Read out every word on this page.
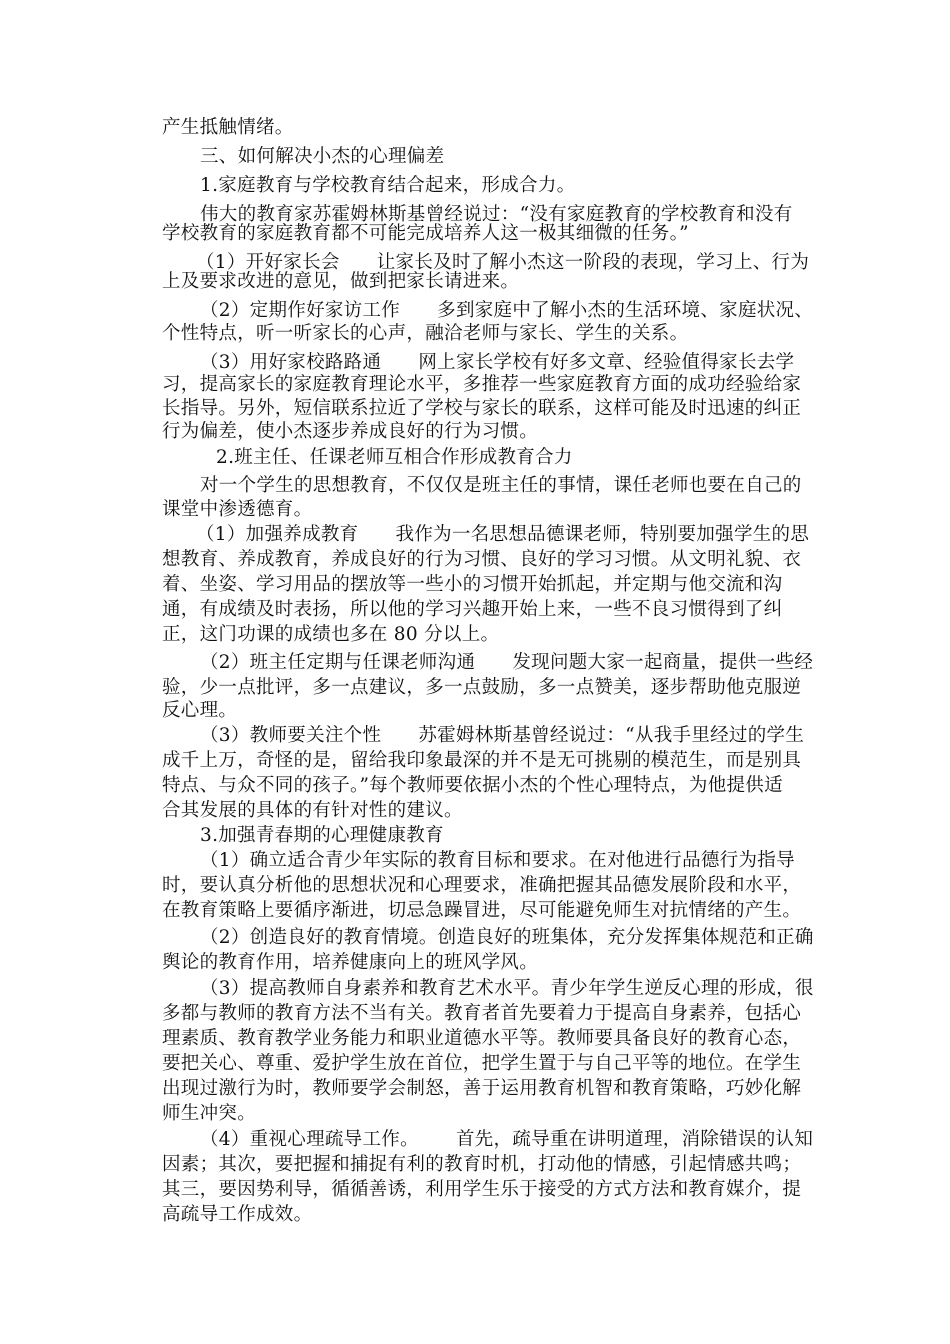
产生抵触情绪。
三、如何解决小杰的心理偏差
1.家庭教育与学校教育结合起来，形成合力。
伟大的教育家苏霍姆林斯基曾经说过：“没有家庭教育的学校教育和没有
学校教育的家庭教育都不可能完成培养人这一极其细微的任务。”
（1）开好家长会      让家长及时了解小杰这一阶段的表现，学习上、行为
上及要求改进的意见，做到把家长请进来。
（2）定期作好家访工作      多到家庭中了解小杰的生活环境、家庭状况、
个性特点，听一听家长的心声，融洽老师与家长、学生的关系。
（3）用好家校路路通      网上家长学校有好多文章、经验值得家长去学
习，提高家长的家庭教育理论水平，多推荐一些家庭教育方面的成功经验给家
长指导。另外，短信联系拉近了学校与家长的联系，这样可能及时迅速的纠正
行为偏差，使小杰逐步养成良好的行为习惯。
2.班主任、任课老师互相合作形成教育合力
对一个学生的思想教育，不仅仅是班主任的事情，课任老师也要在自己的
课堂中渗透德育。
（1）加强养成教育      我作为一名思想品德课老师，特别要加强学生的思
想教育、养成教育，养成良好的行为习惯、良好的学习习惯。从文明礼貌、衣
着、坐姿、学习用品的摆放等一些小的习惯开始抓起，并定期与他交流和沟
通，有成绩及时表扬，所以他的学习兴趣开始上来，一些不良习惯得到了纠
正，这门功课的成绩也多在 80 分以上。
（2）班主任定期与任课老师沟通      发现问题大家一起商量，提供一些经
验，少一点批评，多一点建议，多一点鼓励，多一点赞美，逐步帮助他克服逆
反心理。
（3）教师要关注个性      苏霍姆林斯基曾经说过：“从我手里经过的学生
成千上万，奇怪的是，留给我印象最深的并不是无可挑剔的模范生，而是别具
特点、与众不同的孩子。”每个教师要依据小杰的个性心理特点，为他提供适
合其发展的具体的有针对性的建议。
3.加强青春期的心理健康教育
（1）确立适合青少年实际的教育目标和要求。在对他进行品德行为指导
时，要认真分析他的思想状况和心理要求，准确把握其品德发展阶段和水平，
在教育策略上要循序渐进，切忌急躁冒进，尽可能避免师生对抗情绪的产生。
（2）创造良好的教育情境。创造良好的班集体，充分发挥集体规范和正确
舆论的教育作用，培养健康向上的班风学风。
（3）提高教师自身素养和教育艺术水平。青少年学生逆反心理的形成，很
多都与教师的教育方法不当有关。教育者首先要着力于提高自身素养，包括心
理素质、教育教学业务能力和职业道德水平等。教师要具备良好的教育心态，
要把关心、尊重、爱护学生放在首位，把学生置于与自己平等的地位。在学生
出现过激行为时，教师要学会制怒，善于运用教育机智和教育策略，巧妙化解
师生冲突。
（4）重视心理疏导工作。      首先，疏导重在讲明道理，消除错误的认知
因素；其次，要把握和捕捉有利的教育时机，打动他的情感，引起情感共鸣；
其三，要因势利导，循循善诱，利用学生乐于接受的方式方法和教育媒介，提
高疏导工作成效。
